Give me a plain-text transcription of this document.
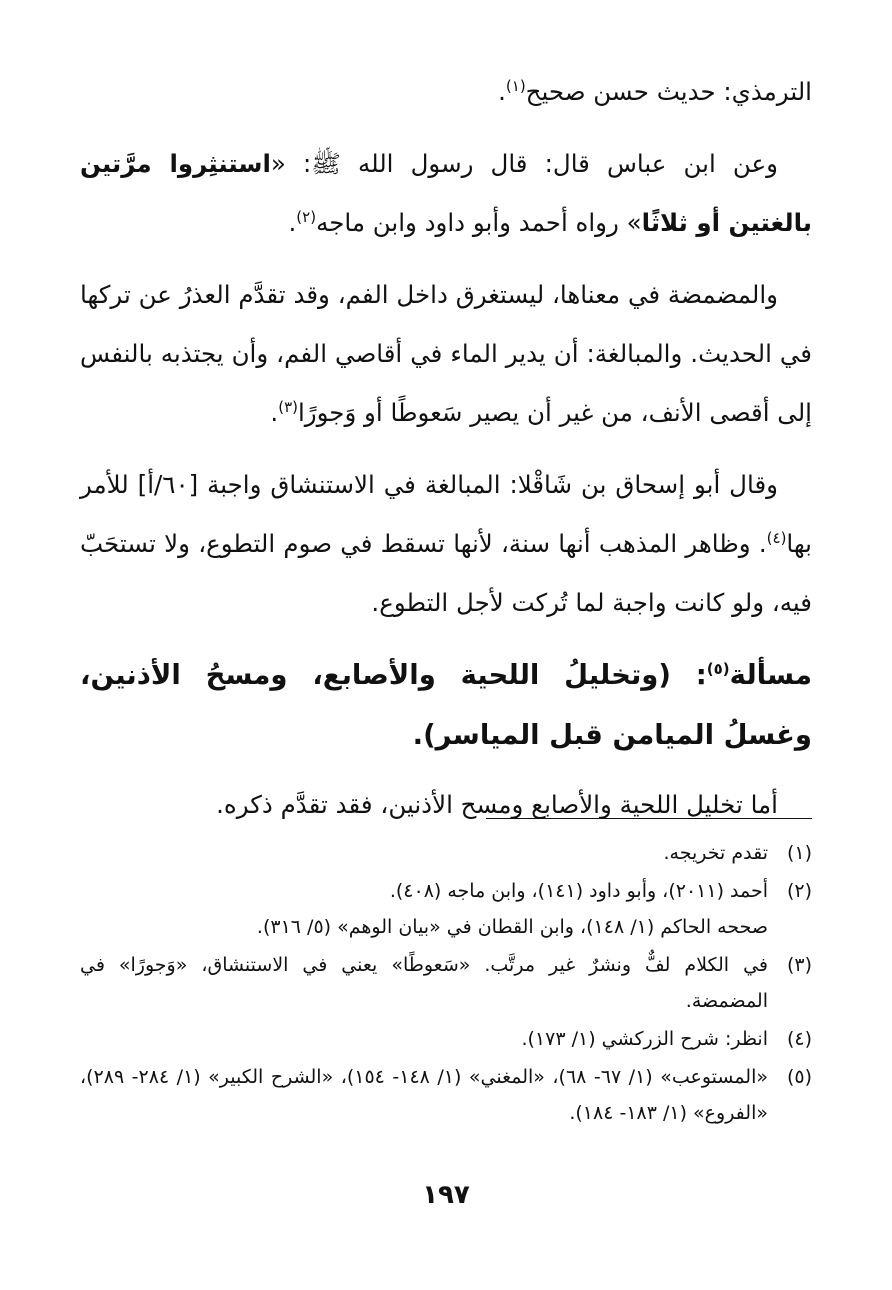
الترمذي: حديث حسن صحيح$^{(١)}$.

وعن ابن عباس قال: قال رسول الله ﷺ: «استنثِروا مرَّتين بالغتين أو ثلاثًا» رواه أحمد وأبو داود وابن ماجه$^{(٢)}$.

والمضمضة في معناها، ليستغرق داخل الفم، وقد تقدَّم العذرُ عن تركها في الحديث. والمبالغة: أن يدير الماء في أقاصي الفم، وأن يجتذبه بالنفس إلى أقصى الأنف، من غير أن يصير سَعوطًا أو وَجورًا$^{(٣)}$.

وقال أبو إسحاق بن شَاقْلا: المبالغة في الاستنشاق واجبة [٦٠/أ] للأمر بها$^{(٤)}$. وظاهر المذهب أنها سنة، لأنها تسقط في صوم التطوع، ولا تستحَبّ فيه، ولو كانت واجبة لما تُركت لأجل التطوع.

مسألة$^{(٥)}$: (وتخليلُ اللحية والأصابع، ومسحُ الأذنين، وغسلُ الميامن قبل المياسر).

أما تخليل اللحية والأصابع ومسح الأذنين، فقد تقدَّم ذكره.

(١)
تقدم تخريجه.
(٢)
أحمد (٢٠١١)، وأبو داود (١٤١)، وابن ماجه (٤٠٨).
صححه الحاكم (١/ ١٤٨)، وابن القطان في «بيان الوهم» (٥/ ٣١٦).
(٣)
في الكلام لفٌّ ونشرٌ غير مرتَّب. «سَعوطًا» يعني في الاستنشاق، «وَجورًا» في المضمضة.
(٤)
انظر: شرح الزركشي (١/ ١٧٣).
(٥)
«المستوعب» (١/ ٦٧- ٦٨)، «المغني» (١/ ١٤٨- ١٥٤)، «الشرح الكبير» (١/ ٢٨٤- ٢٨٩)، «الفروع» (١/ ١٨٣- ١٨٤).
١٩٧
